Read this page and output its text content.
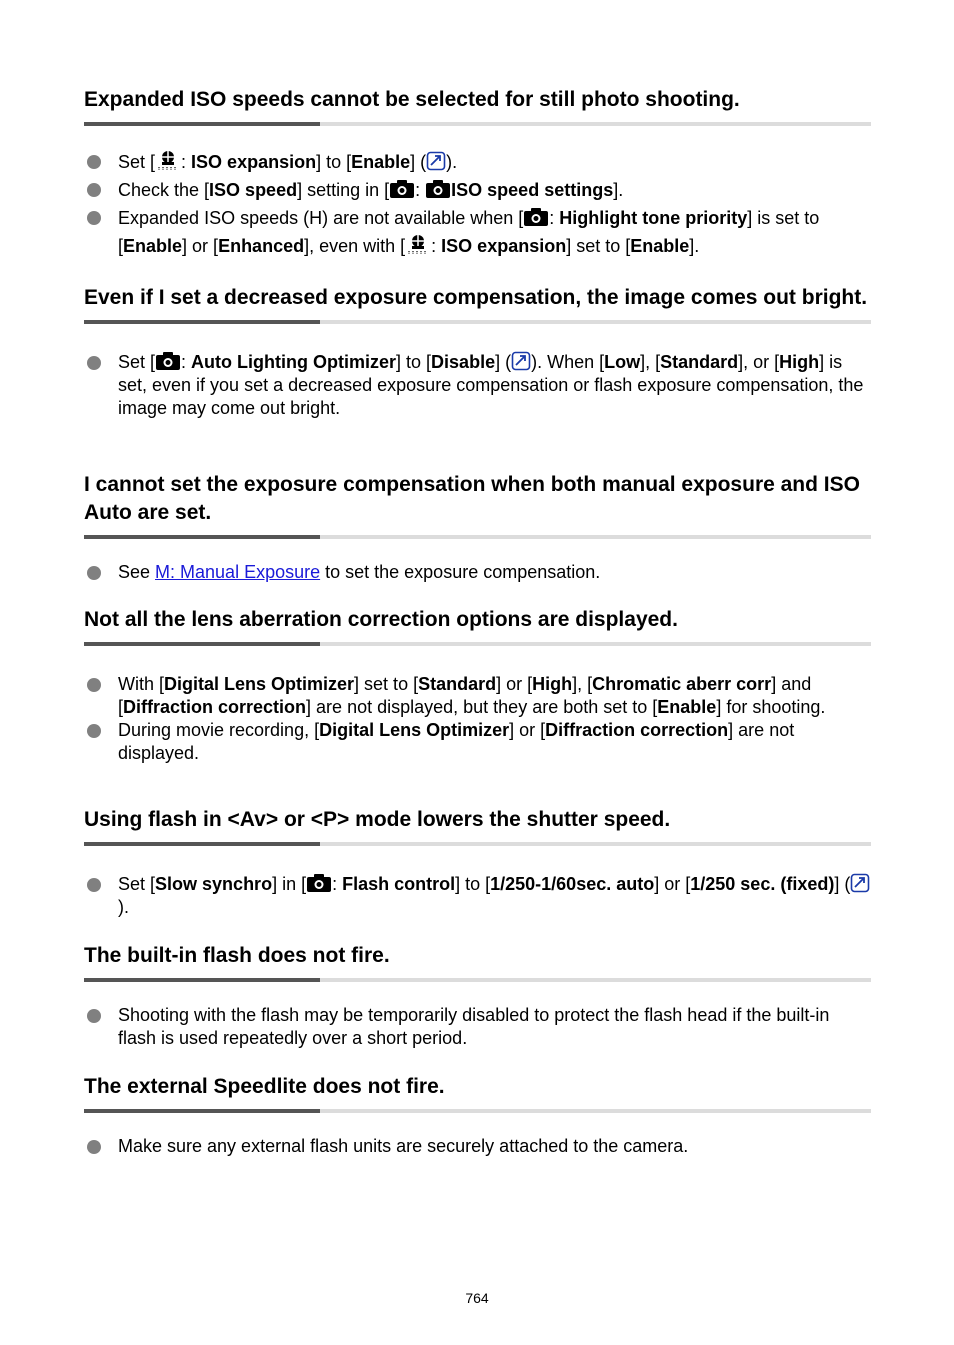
Expanded ISO speeds cannot be selected for still photo shooting.
Set [ : ISO expansion] to [Enable] ( ).
Check the [ISO speed] setting in [ : ISO speed settings].
Expanded ISO speeds (H) are not available when [ : Highlight tone priority] is set to [Enable] or [Enhanced], even with [ : ISO expansion] set to [Enable].
Even if I set a decreased exposure compensation, the image comes out bright.
Set [ : Auto Lighting Optimizer] to [Disable] ( ). When [Low], [Standard], or [High] is set, even if you set a decreased exposure compensation or flash exposure compensation, the image may come out bright.
I cannot set the exposure compensation when both manual exposure and ISO Auto are set.
See M: Manual Exposure to set the exposure compensation.
Not all the lens aberration correction options are displayed.
With [Digital Lens Optimizer] set to [Standard] or [High], [Chromatic aberr corr] and [Diffraction correction] are not displayed, but they are both set to [Enable] for shooting.
During movie recording, [Digital Lens Optimizer] or [Diffraction correction] are not displayed.
Using flash in <Av> or <P> mode lowers the shutter speed.
Set [Slow synchro] in [ : Flash control] to [1/250-1/60sec. auto] or [1/250 sec. (fixed)] ().
The built-in flash does not fire.
Shooting with the flash may be temporarily disabled to protect the flash head if the built-in flash is used repeatedly over a short period.
The external Speedlite does not fire.
Make sure any external flash units are securely attached to the camera.
764
